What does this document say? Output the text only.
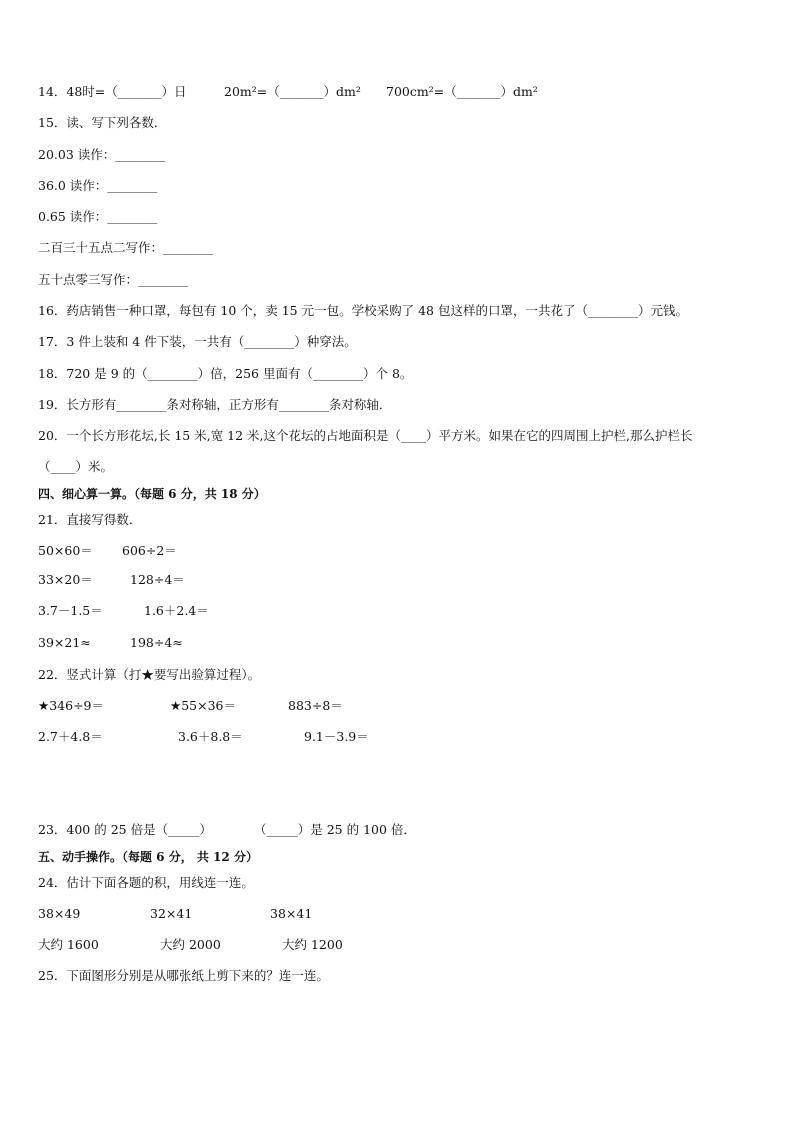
14．48时=（_______）日	20m²=（_______）dm² 700cm²=（_______）dm²
15．读、写下列各数．
20.03 读作：________
36.0 读作：________
0.65 读作：________
二百三十五点二写作：________
五十点零三写作：________
16．药店销售一种口罩，每包有 10 个，卖 15 元一包。学校采购了 48 包这样的口罩，一共花了（________）元钱。
17．3 件上装和 4 件下装，一共有（________）种穿法。
18．720 是 9 的（________）倍，256 里面有（________）个 8。
19．长方形有________条对称轴，正方形有________条对称轴．
20．一个长方形花坛,长 15 米,宽 12 米,这个花坛的占地面积是（____）平方米。如果在它的四周围上护栏,那么护栏长
（____）米。
四、细心算一算。（每题 6 分，共 18 分）
21．直接写得数．
50×60＝ 606÷2＝
33×20＝	128÷4＝
3.7－1.5＝	1.6＋2.4＝
39×21≈	198÷4≈
22．竖式计算（打★要写出验算过程）。
★346÷9＝	★55×36＝	883÷8＝
2.7＋4.8＝	3.6＋8.8＝	9.1－3.9＝
23．400 的 25 倍是（_____）	（_____）是 25 的 100 倍．
五、动手操作。（每题 6 分， 共 12 分）
24．估计下面各题的积，用线连一连。
38×49	32×41	38×41
大约 1600	大约 2000	大约 1200
25．下面图形分别是从哪张纸上剪下来的？连一连。
